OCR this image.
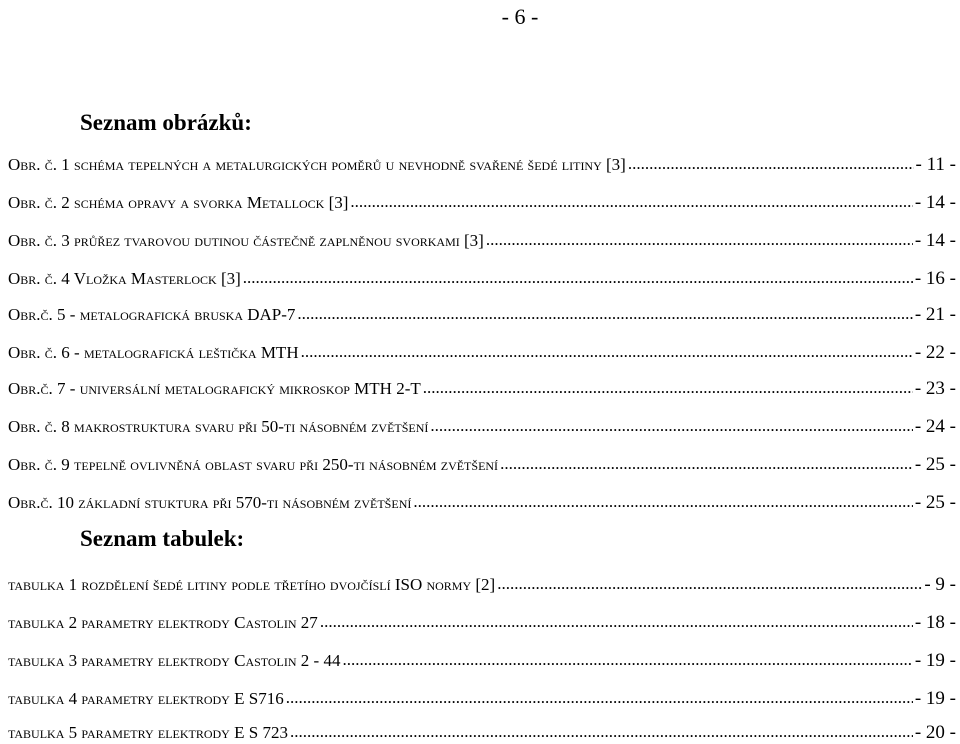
- 6 -
Seznam obrázků:
Obr. č. 1 schéma tepelných a metalurgických poměrů u nevhodně svařené šedé litiny [3] .....	- 11 -
Obr. č. 2 schéma opravy a svorka Metallock [3] .....	- 14 -
Obr. č. 3 průřez tvarovou dutinou částečně zaplněnou svorkami [3] .....	- 14 -
Obr. č. 4 Vložka Masterlock [3] .....	- 16 -
Obr.č. 5 - metalografická bruska DAP-7 .....	- 21 -
Obr. č. 6 - metalografická leštička MTH .....	- 22 -
Obr.č. 7 - universální metalografický mikroskop MTH 2-T .....	- 23 -
Obr. č. 8 makrostruktura svaru při 50-ti násobném zvětšení .....	- 24 -
Obr. č. 9 tepelně ovlivněná oblast svaru při 250-ti násobném zvětšení .....	- 25 -
Obr.č. 10 základní stuktura při 570-ti násobném zvětšení .....	- 25 -
Seznam tabulek:
tabulka 1 rozdělení šedé litiny podle třetího dvojčíslí ISO normy [2] .....	- 9 -
tabulka 2 parametry elektrody Castolin 27 .....	- 18 -
tabulka 3 parametry elektrody Castolin 2 - 44 .....	- 19 -
tabulka 4 parametry elektrody E S716 .....	- 19 -
tabulka 5 parametry elektrody E S 723 .....	- 20 -
